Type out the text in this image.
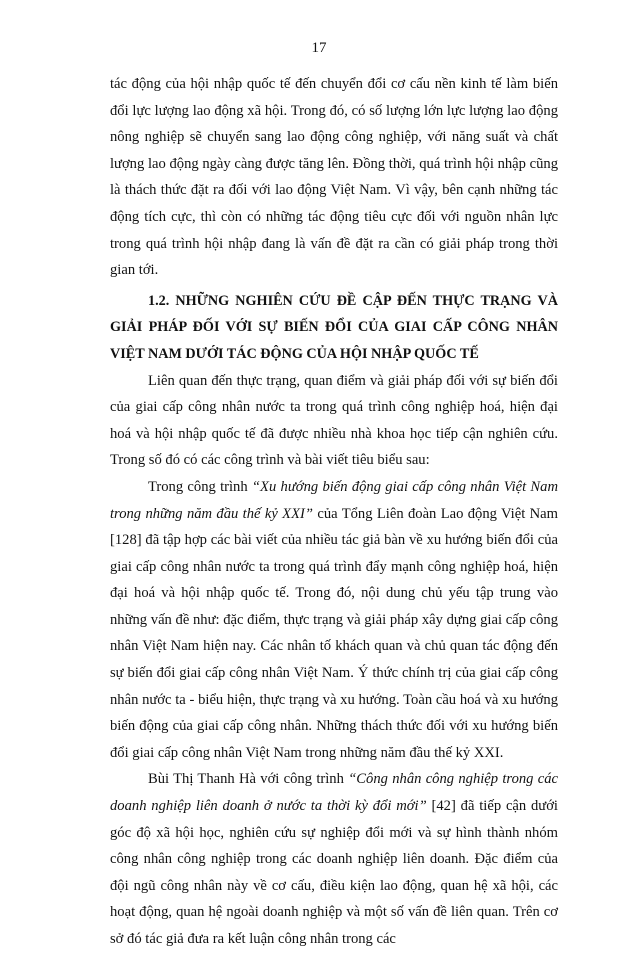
17

tác động của hội nhập quốc tế đến chuyển đổi cơ cấu nền kinh tế làm biến đổi lực lượng lao động xã hội. Trong đó, có số lượng lớn lực lượng lao động nông nghiệp sẽ chuyển sang lao động công nghiệp, với năng suất và chất lượng lao động ngày càng được tăng lên. Đồng thời, quá trình hội nhập cũng là thách thức đặt ra đối với lao động Việt Nam. Vì vậy, bên cạnh những tác động tích cực, thì còn có những tác động tiêu cực đối với nguồn nhân lực trong quá trình hội nhập đang là vấn đề đặt ra cần có giải pháp trong thời gian tới.

1.2. NHỮNG NGHIÊN CỨU ĐỀ CẬP ĐẾN THỰC TRẠNG VÀ GIẢI PHÁP ĐỐI VỚI SỰ BIẾN ĐỔI CỦA GIAI CẤP CÔNG NHÂN VIỆT NAM DƯỚI TÁC ĐỘNG CỦA HỘI NHẬP QUỐC TẾ

Liên quan đến thực trạng, quan điểm và giải pháp đối với sự biến đổi của giai cấp công nhân nước ta trong quá trình công nghiệp hoá, hiện đại hoá và hội nhập quốc tế đã được nhiều nhà khoa học tiếp cận nghiên cứu. Trong số đó có các công trình và bài viết tiêu biểu sau:

Trong công trình “Xu hướng biến động giai cấp công nhân Việt Nam trong những năm đầu thế kỷ XXI” của Tổng Liên đoàn Lao động Việt Nam [128] đã tập hợp các bài viết của nhiều tác giả bàn về xu hướng biến đổi của giai cấp công nhân nước ta trong quá trình đẩy mạnh công nghiệp hoá, hiện đại hoá và hội nhập quốc tế. Trong đó, nội dung chủ yếu tập trung vào những vấn đề như: đặc điểm, thực trạng và giải pháp xây dựng giai cấp công nhân Việt Nam hiện nay. Các nhân tố khách quan và chủ quan tác động đến sự biến đổi giai cấp công nhân Việt Nam. Ý thức chính trị của giai cấp công nhân nước ta - biểu hiện, thực trạng và xu hướng. Toàn cầu hoá và xu hướng biến động của giai cấp công nhân. Những thách thức đối với xu hướng biến đổi giai cấp công nhân Việt Nam trong những năm đầu thế kỷ XXI.

Bùi Thị Thanh Hà với công trình “Công nhân công nghiệp trong các doanh nghiệp liên doanh ở nước ta thời kỳ đổi mới” [42] đã tiếp cận dưới góc độ xã hội học, nghiên cứu sự nghiệp đổi mới và sự hình thành nhóm công nhân công nghiệp trong các doanh nghiệp liên doanh. Đặc điểm của đội ngũ công nhân này về cơ cấu, điều kiện lao động, quan hệ xã hội, các hoạt động, quan hệ ngoài doanh nghiệp và một số vấn đề liên quan. Trên cơ sở đó tác giả đưa ra kết luận công nhân trong các
